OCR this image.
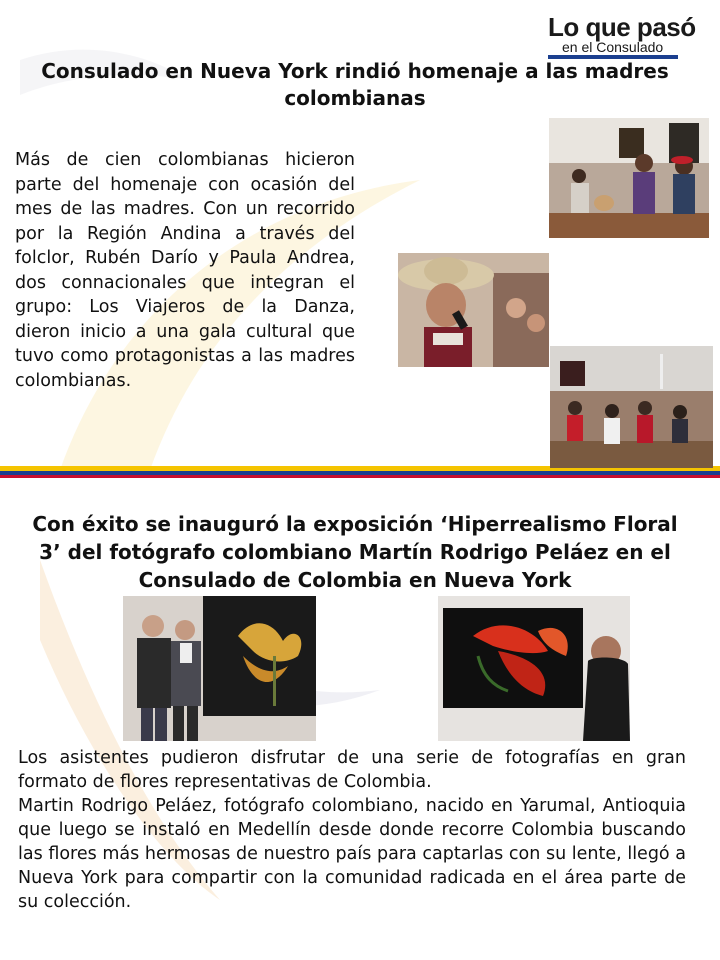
Lo que pasó
en el Consulado
Consulado en Nueva York rindió homenaje a las madres colombianas
Más de cien colombianas hicieron parte del homenaje con ocasión del mes de las madres. Con un recorrido por la Región Andina a través del folclor, Rubén Darío y Paula Andrea, dos connacionales que integran el grupo: Los Viajeros de la Danza, dieron inicio a una gala cultural que tuvo como protagonistas a las madres colombianas.
Con éxito se inauguró la exposición ‘Hiperrealismo Floral 3’ del fotógrafo colombiano Martín Rodrigo Peláez en el Consulado de Colombia en Nueva York
Los asistentes pudieron disfrutar de una serie de fotografías en gran formato de flores representativas de Colombia.
Martin Rodrigo Peláez, fotógrafo colombiano, nacido en Yarumal, Antioquia que luego se instaló en Medellín desde donde recorre Colombia buscando las flores más hermosas de nuestro país para captarlas con su lente, llegó a Nueva York para compartir con la comunidad radicada en el área parte de su colección.
